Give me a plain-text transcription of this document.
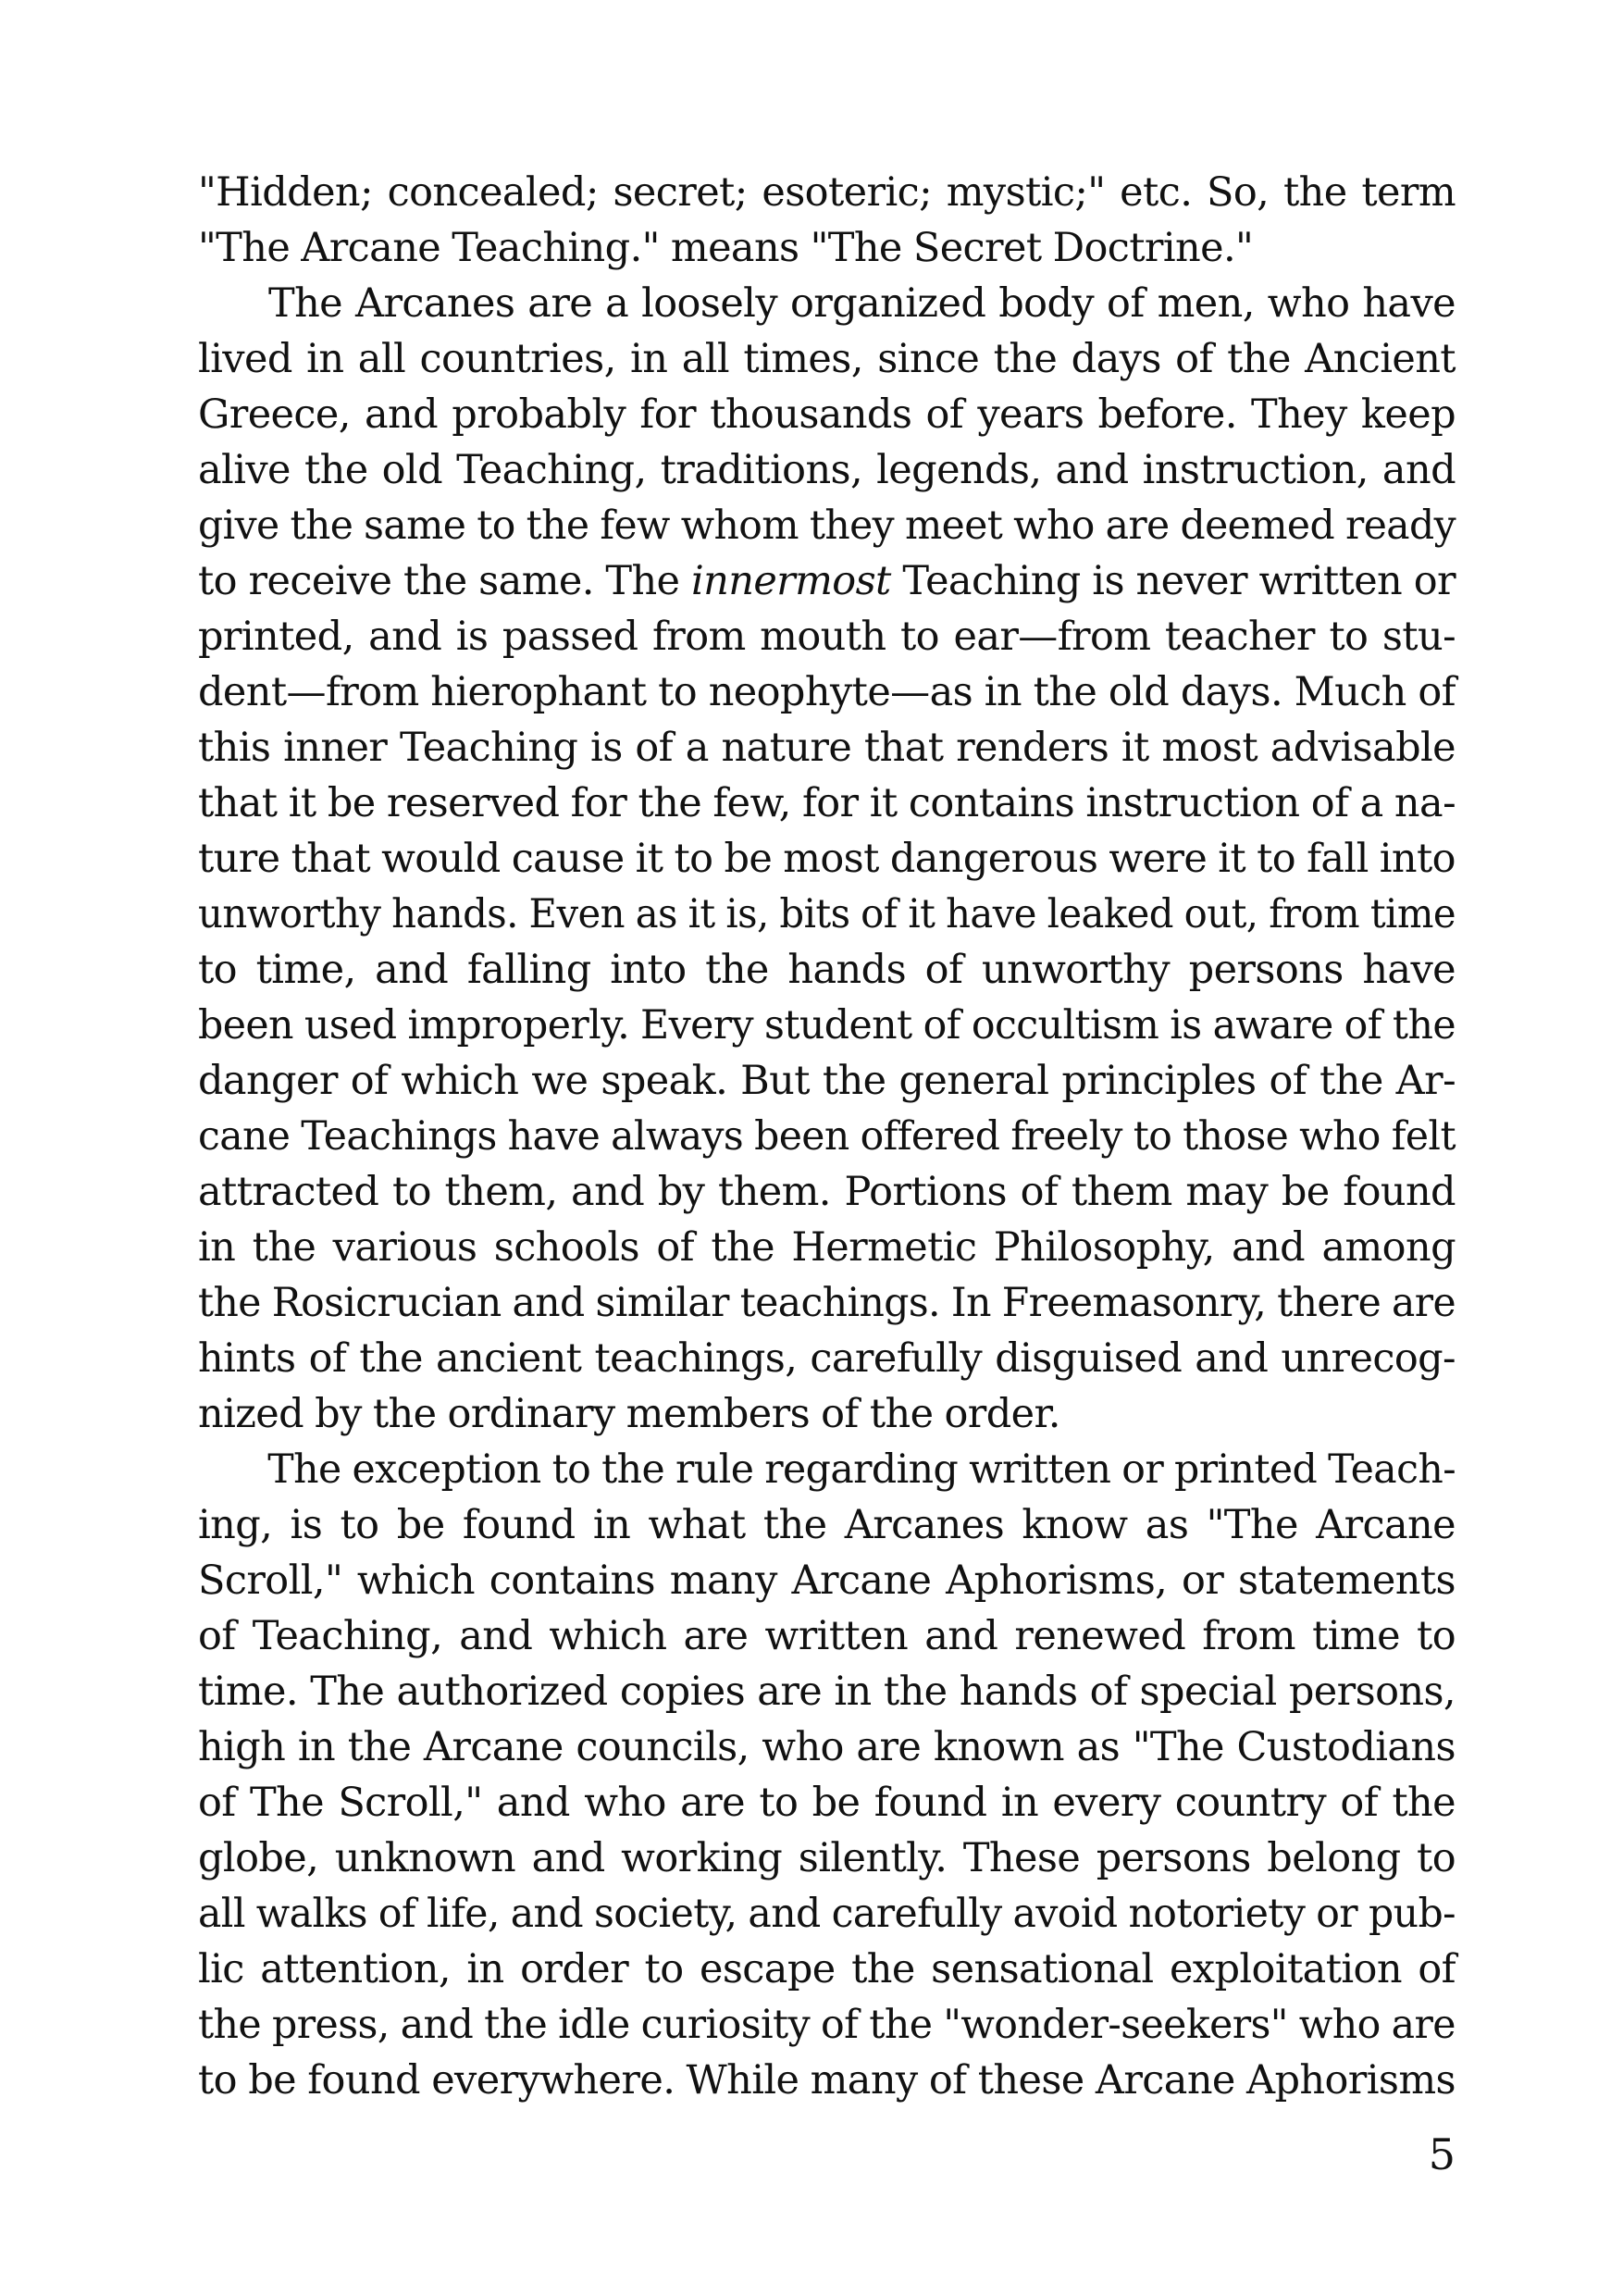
"Hidden; concealed; secret; esoteric; mystic;" etc. So, the term
"The Arcane Teaching." means "The Secret Doctrine."
The Arcanes are a loosely organized body of men, who have
lived in all countries, in all times, since the days of the Ancient
Greece, and probably for thousands of years before. They keep
alive the old Teaching, traditions, legends, and instruction, and
give the same to the few whom they meet who are deemed ready
to receive the same. The innermost Teaching is never written or
printed, and is passed from mouth to ear—from teacher to stu-
dent—from hierophant to neophyte—as in the old days. Much of
this inner Teaching is of a nature that renders it most advisable
that it be reserved for the few, for it contains instruction of a na-
ture that would cause it to be most dangerous were it to fall into
unworthy hands. Even as it is, bits of it have leaked out, from time
to time, and falling into the hands of unworthy persons have
been used improperly. Every student of occultism is aware of the
danger of which we speak. But the general principles of the Ar-
cane Teachings have always been offered freely to those who felt
attracted to them, and by them. Portions of them may be found
in the various schools of the Hermetic Philosophy, and among
the Rosicrucian and similar teachings. In Freemasonry, there are
hints of the ancient teachings, carefully disguised and unrecog-
nized by the ordinary members of the order.
The exception to the rule regarding written or printed Teach-
ing, is to be found in what the Arcanes know as "The Arcane
Scroll," which contains many Arcane Aphorisms, or statements
of Teaching, and which are written and renewed from time to
time. The authorized copies are in the hands of special persons,
high in the Arcane councils, who are known as "The Custodians
of The Scroll," and who are to be found in every country of the
globe, unknown and working silently. These persons belong to
all walks of life, and society, and carefully avoid notoriety or pub-
lic attention, in order to escape the sensational exploitation of
the press, and the idle curiosity of the "wonder-seekers" who are
to be found everywhere. While many of these Arcane Aphorisms
5
